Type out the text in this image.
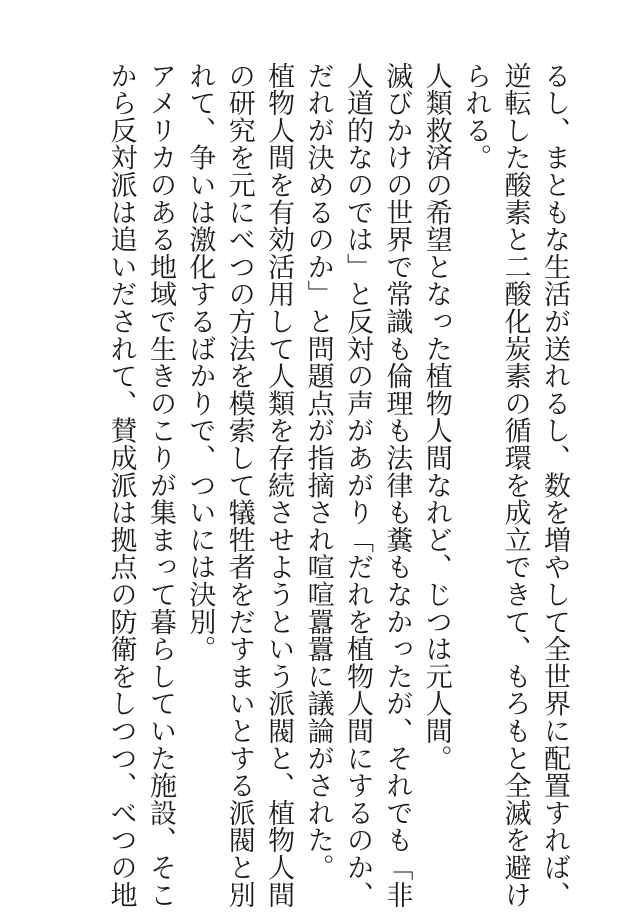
るし、まともな生活が送れるし、数を増やして全世界に配置すれば、
逆転した酸素と二酸化炭素の循環を成立できて、もろもと全滅を避け
られる。
人類救済の希望となった植物人間なれど、じつは元人間。
滅びかけの世界で常識も倫理も法律も糞もなかったが、それでも「非
人道的なのでは」と反対の声があがり「だれを植物人間にするのか、
だれが決めるのか」と問題点が指摘され喧喧囂囂に議論がされた。
植物人間を有効活用して人類を存続させようという派閥と、植物人間
の研究を元にべつの方法を模索して犠牲者をだすまいとする派閥と別
れて、争いは激化するばかりで、ついには決別。
アメリカのある地域で生きのこりが集まって暮らしていた施設、そこ
から反対派は追いだされて、賛成派は拠点の防衛をしつつ、べつの地
